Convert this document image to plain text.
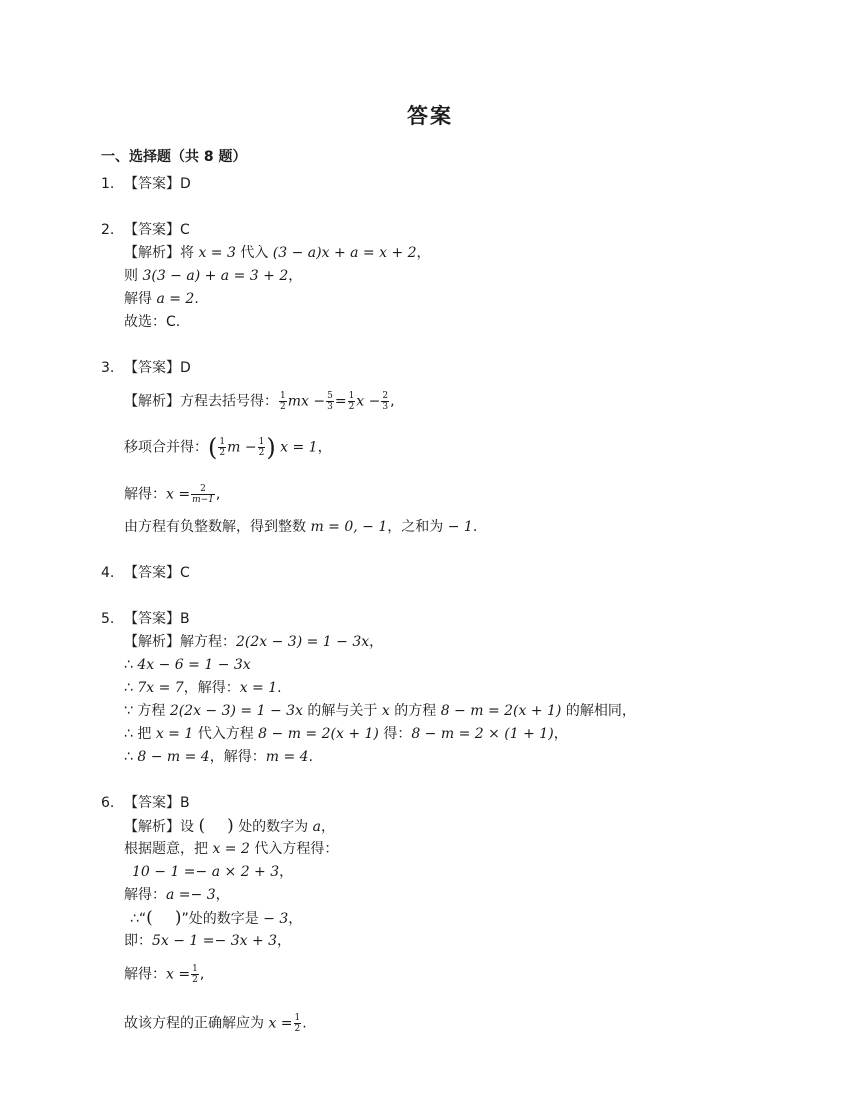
答案
一、选择题（共 8 题）
1. 【答案】D
2. 【答案】C
【解析】将 x = 3 代入 (3 − a)x + a = x + 2，
则 3(3 − a) + a = 3 + 2，
解得 a = 2.
故选：C.
3. 【答案】D
【解析】方程去括号得： $\frac{1}{2}$ mx − $\frac{5}{3} = \frac{1}{2}$ $x - \frac{2}{3}$ ,
移项合并得：( $\frac{1}{2}$ $m - \frac{1}{2}$ ) x = 1，
解得：$x = \frac{2}{m-1}$ ,
由方程有负整数解，得到整数 m = 0, − 1，之和为 − 1.
4. 【答案】C
5. 【答案】B
【解析】解方程：2(2x − 3) = 1 − 3x，
∴ 4x − 6 = 1 − 3x
∴ 7x = 7，解得：x = 1.
∵ 方程 2(2x − 3) = 1 − 3x 的解与关于 x 的方程 8 − m = 2(x + 1) 的解相同，
∴ 把 x = 1 代入方程 8 − m = 2(x + 1) 得：8 − m = 2 × (1 + 1)，
∴ 8 − m = 4，解得：m = 4.
6. 【答案】B
【解析】设 ( ) 处的数字为 a，
根据题意，把 x = 2 代入方程得：
10 − 1 =− a × 2 + 3，
解得：a =− 3，
∴“( )”处的数字是 − 3，
即：5x − 1 =− 3x + 3，
解得：$x = \frac{1}{2}$ ,
故该方程的正确解应为 $x = \frac{1}{2}$ .
